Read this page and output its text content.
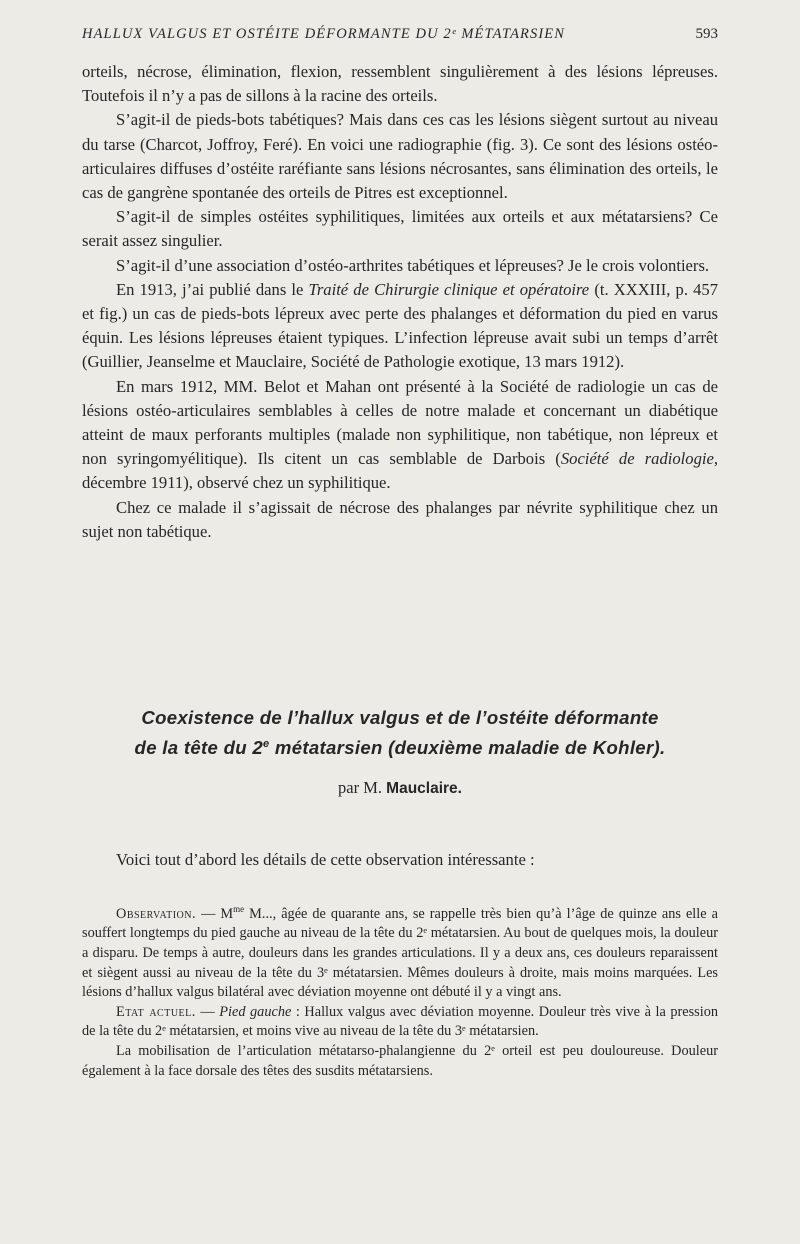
HALLUX VALGUS ET OSTÉITE DÉFORMANTE DU 2ᵉ MÉTATARSIEN	593

orteils, nécrose, élimination, flexion, ressemblent singulièrement à des lésions lépreuses. Toutefois il n’y a pas de sillons à la racine des orteils.

S’agit-il de pieds-bots tabétiques? Mais dans ces cas les lésions siègent surtout au niveau du tarse (Charcot, Joffroy, Feré). En voici une radiographie (fig. 3). Ce sont des lésions ostéo-articulaires diffuses d’ostéite raréfiante sans lésions nécrosantes, sans élimination des orteils, le cas de gangrène spontanée des orteils de Pitres est exceptionnel.

S’agit-il de simples ostéites syphilitiques, limitées aux orteils et aux métatarsiens? Ce serait assez singulier.

S’agit-il d’une association d’ostéo-arthrites tabétiques et lépreuses? Je le crois volontiers.

En 1913, j’ai publié dans le Traité de Chirurgie clinique et opératoire (t. XXXIII, p. 457 et fig.) un cas de pieds-bots lépreux avec perte des phalanges et déformation du pied en varus équin. Les lésions lépreuses étaient typiques. L’infection lépreuse avait subi un temps d’arrêt (Guillier, Jeanselme et Mauclaire, Société de Pathologie exotique, 13 mars 1912).

En mars 1912, MM. Belot et Mahan ont présenté à la Société de radiologie un cas de lésions ostéo-articulaires semblables à celles de notre malade et concernant un diabétique atteint de maux perforants multiples (malade non syphilitique, non tabétique, non lépreux et non syringomyélitique). Ils citent un cas semblable de Darbois (Société de radiologie, décembre 1911), observé chez un syphilitique.

Chez ce malade il s’agissait de nécrose des phalanges par névrite syphilitique chez un sujet non tabétique.

Coexistence de l’hallux valgus et de l’ostéite déformante
de la tête du 2e métatarsien (deuxième maladie de Kohler).
par M. Mauclaire.
Voici tout d’abord les détails de cette observation intéressante :

Observation. — $M^{me}$ M..., âgée de quarante ans, se rappelle très bien qu’à l’âge de quinze ans elle a souffert longtemps du pied gauche au niveau de la tête du 2ᵉ métatarsien. Au bout de quelques mois, la douleur a disparu. De temps à autre, douleurs dans les grandes articulations. Il y a deux ans, ces douleurs reparaissent et siègent aussi au niveau de la tête du 3ᵉ métatarsien. Mêmes douleurs à droite, mais moins marquées. Les lésions d’hallux valgus bilatéral avec déviation moyenne ont débuté il y a vingt ans.

Etat actuel. — Pied gauche : Hallux valgus avec déviation moyenne. Douleur très vive à la pression de la tête du 2ᵉ métatarsien, et moins vive au niveau de la tête du 3ᵉ métatarsien.

La mobilisation de l’articulation métatarso-phalangienne du 2ᵉ orteil est peu douloureuse. Douleur également à la face dorsale des têtes des susdits métatarsiens.
